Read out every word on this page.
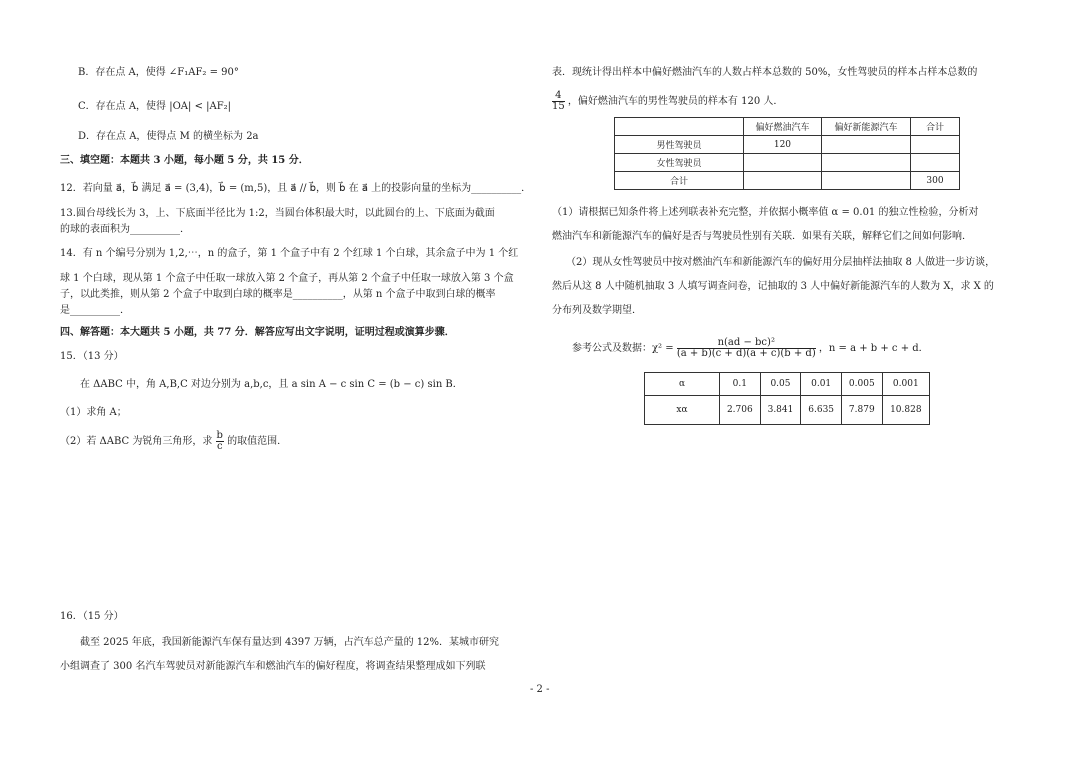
B．存在点 A，使得 ∠F₁AF₂ = 90°
C．存在点 A，使得 |OA| < |AF₂|
D．存在点 A，使得点 M 的横坐标为 2a
三、填空题：本题共 3 小题，每小题 5 分，共 15 分．
12．若向量 a⃗，b⃗ 满足 a⃗ = (3,4)，b⃗ = (m,5)，且 a⃗ // b⃗，则 b⃗ 在 a⃗ 上的投影向量的坐标为__________．
13.圆台母线长为 3，上、下底面半径比为 1:2，当圆台体积最大时，以此圆台的上、下底面为截面
的球的表面积为__________．
14．有 n 个编号分别为 1,2,⋯，n 的盒子，第 1 个盒子中有 2 个红球 1 个白球，其余盒子中为 1 个红
球 1 个白球，现从第 1 个盒子中任取一球放入第 2 个盒子，再从第 2 个盒子中任取一球放入第 3 个盒
子，以此类推，则从第 2 个盒子中取到白球的概率是__________，从第 n 个盒子中取到白球的概率
是__________．
四、解答题：本大题共 5 小题，共 77 分．解答应写出文字说明，证明过程或演算步骤．
15．（13 分）
在 ΔABC 中，角 A,B,C 对边分别为 a,b,c，且 a sin A − c sin C = (b − c) sin B．
（1）求角 A；
（2）若 ΔABC 为锐角三角形，求 $\frac{b}{c}$ 的取值范围．
16．（15 分）
截至 2025 年底，我国新能源汽车保有量达到 4397 万辆，占汽车总产量的 12%．某城市研究
小组调查了 300 名汽车驾驶员对新能源汽车和燃油汽车的偏好程度，将调查结果整理成如下列联
表．现统计得出样本中偏好燃油汽车的人数占样本总数的 50%，女性驾驶员的样本占样本总数的
$\frac{4}{15}$ ，偏好燃油汽车的男性驾驶员的样本有 120 人．
	偏好燃油汽车	偏好新能源汽车	合计
男性驾驶员	120		
女性驾驶员			
合计			300
（1）请根据已知条件将上述列联表补充完整，并依据小概率值 α = 0.01 的独立性检验，分析对
燃油汽车和新能源汽车的偏好是否与驾驶员性别有关联．如果有关联，解释它们之间如何影响．
（2）现从女性驾驶员中按对燃油汽车和新能源汽车的偏好用分层抽样法抽取 8 人做进一步访谈，
然后从这 8 人中随机抽取 3 人填写调查问卷，记抽取的 3 人中偏好新能源汽车的人数为 X，求 X 的
分布列及数学期望．
参考公式及数据：$\chi^2 = \frac{\text{n(ad − bc)²}}{(a + b)(c + d)(a + c)(b + d)}$ ，n = a + b + c + d．
α	0.1	0.05	0.01	0.005	0.001
xα	2.706	3.841	6.635	7.879	10.828
- 2 -
